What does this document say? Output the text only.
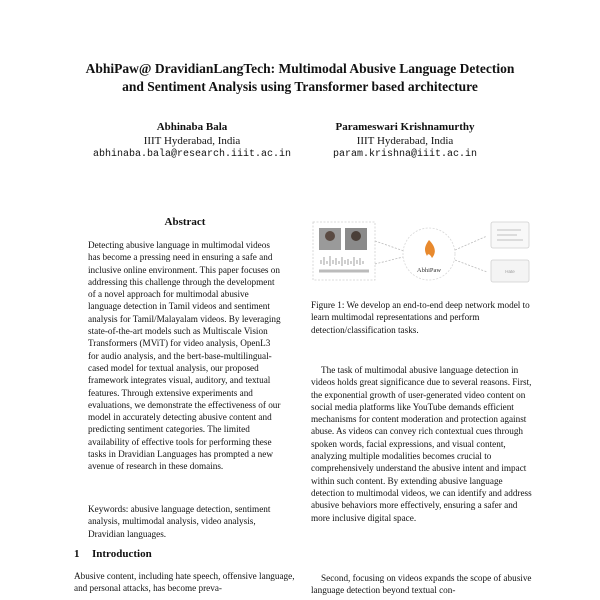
AbhiPaw@ DravidianLangTech: Multimodal Abusive Language Detection
and Sentiment Analysis using Transformer based architecture
Abhinaba Bala
IIIT Hyderabad, India
abhinaba.bala@research.iiit.ac.in
Parameswari Krishnamurthy
IIIT Hyderabad, India
param.krishna@iiit.ac.in
Abstract

Detecting abusive language in multimodal videos has become a pressing need in ensuring a safe and inclusive online environment. This paper focuses on addressing this challenge through the development of a novel approach for multimodal abusive language detection in Tamil videos and sentiment analysis for Tamil/Malayalam videos. By leveraging state-of-the-art models such as Multiscale Vision Transformers (MViT) for video analysis, OpenL3 for audio analysis, and the bert-base-multilingual-cased model for textual analysis, our proposed framework integrates visual, auditory, and textual features. Through extensive experiments and evaluations, we demonstrate the effectiveness of our model in accurately detecting abusive content and predicting sentiment categories. The limited availability of effective tools for performing these tasks in Dravidian Languages has prompted a new avenue of research in these domains.

Keywords: abusive language detection, sentiment analysis, multimodal analysis, video analysis, Dravidian languages.

1 Introduction

Abusive content, including hate speech, offensive language, and personal attacks, has become preva-

AbhiPaw	Hate

Figure 1: We develop an end-to-end deep network model to learn multimodal representations and perform detection/classification tasks.

The task of multimodal abusive language detection in videos holds great significance due to several reasons. First, the exponential growth of user-generated video content on social media platforms like YouTube demands efficient mechanisms for content moderation and protection against abuse. As videos can convey rich contextual cues through spoken words, facial expressions, and visual content, analyzing multiple modalities becomes crucial to comprehensively understand the abusive intent and impact within such content. By extending abusive language detection to multimodal videos, we can identify and address abusive behaviors more effectively, ensuring a safer and more inclusive digital space.

Second, focusing on videos expands the scope of abusive language detection beyond textual con-
